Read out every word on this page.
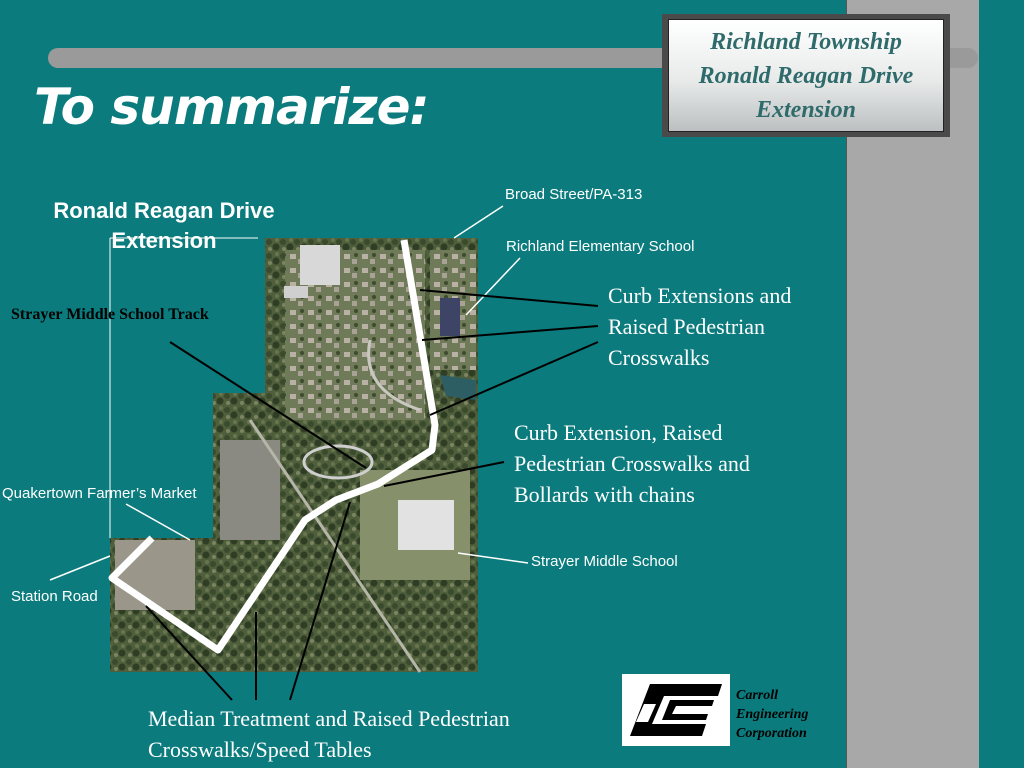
Richland Township
Ronald Reagan Drive
Extension
To summarize:
Ronald Reagan Drive
Extension
Broad Street/PA-313
Richland Elementary School
Curb Extensions and
Raised Pedestrian
Crosswalks
Strayer Middle School Track
Curb Extension, Raised
Pedestrian Crosswalks and
Bollards with chains
Quakertown Farmer’s Market
Strayer Middle School
Station Road
Median Treatment and Raised Pedestrian
Crosswalks/Speed Tables
Carroll
Engineering
Corporation
